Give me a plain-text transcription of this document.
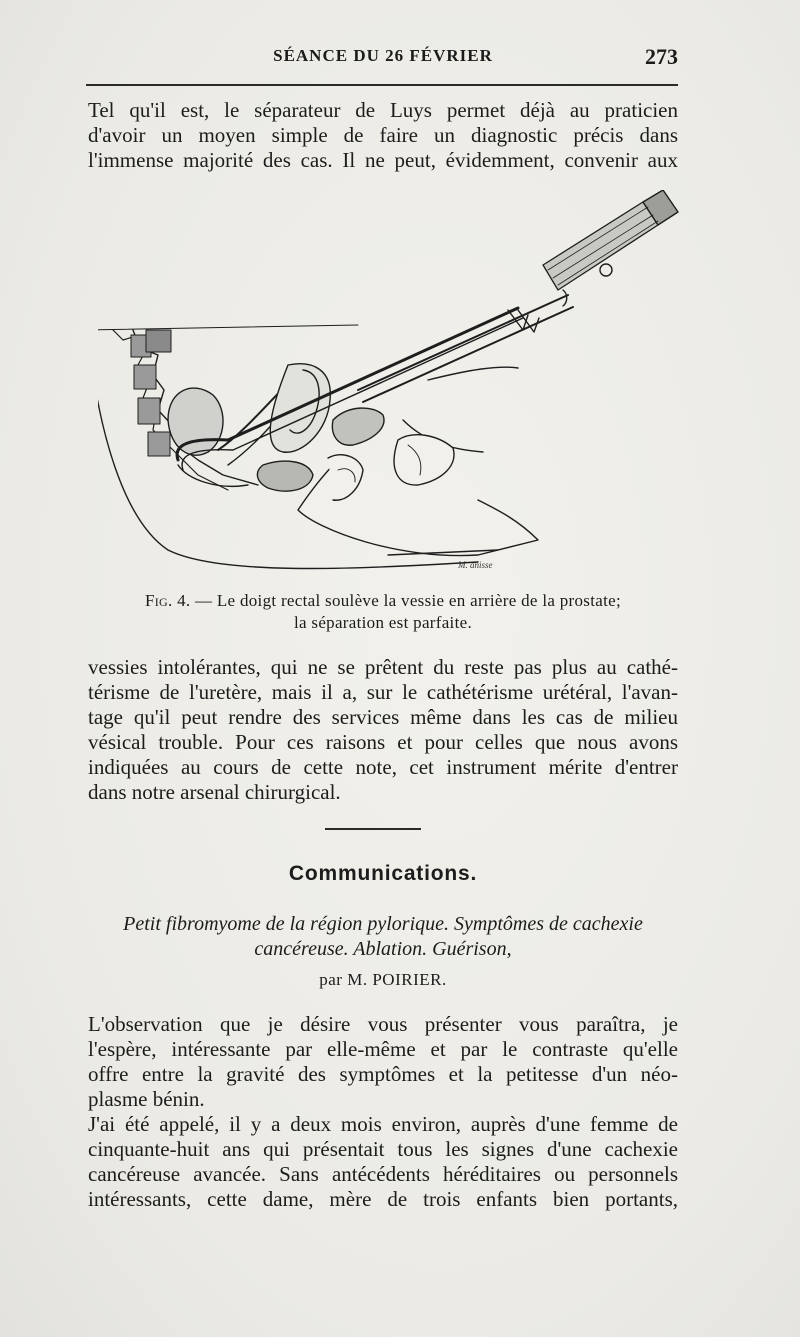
SÉANCE DU 26 FÉVRIER	273

Tel qu'il est, le séparateur de Luys permet déjà au praticien
d'avoir un moyen simple de faire un diagnostic précis dans
l'immense majorité des cas. Il ne peut, évidemment, convenir aux

M. anisse
Fig. 4. — Le doigt rectal soulève la vessie en arrière de la prostate;
la séparation est parfaite.

vessies intolérantes, qui ne se prêtent du reste pas plus au cathé-
térisme de l'uretère, mais il a, sur le cathétérisme urétéral, l'avan-
tage qu'il peut rendre des services même dans les cas de milieu
vésical trouble. Pour ces raisons et pour celles que nous avons
indiquées au cours de cette note, cet instrument mérite d'entrer
dans notre arsenal chirurgical.

Communications.
Petit fibromyome de la région pylorique. Symptômes de cachexie
cancéreuse. Ablation. Guérison,
par M. POIRIER.

L'observation que je désire vous présenter vous paraîtra, je
l'espère, intéressante par elle-même et par le contraste qu'elle
offre entre la gravité des symptômes et la petitesse d'un néo-
plasme bénin.

J'ai été appelé, il y a deux mois environ, auprès d'une femme de
cinquante-huit ans qui présentait tous les signes d'une cachexie
cancéreuse avancée. Sans antécédents héréditaires ou personnels
intéressants, cette dame, mère de trois enfants bien portants,
